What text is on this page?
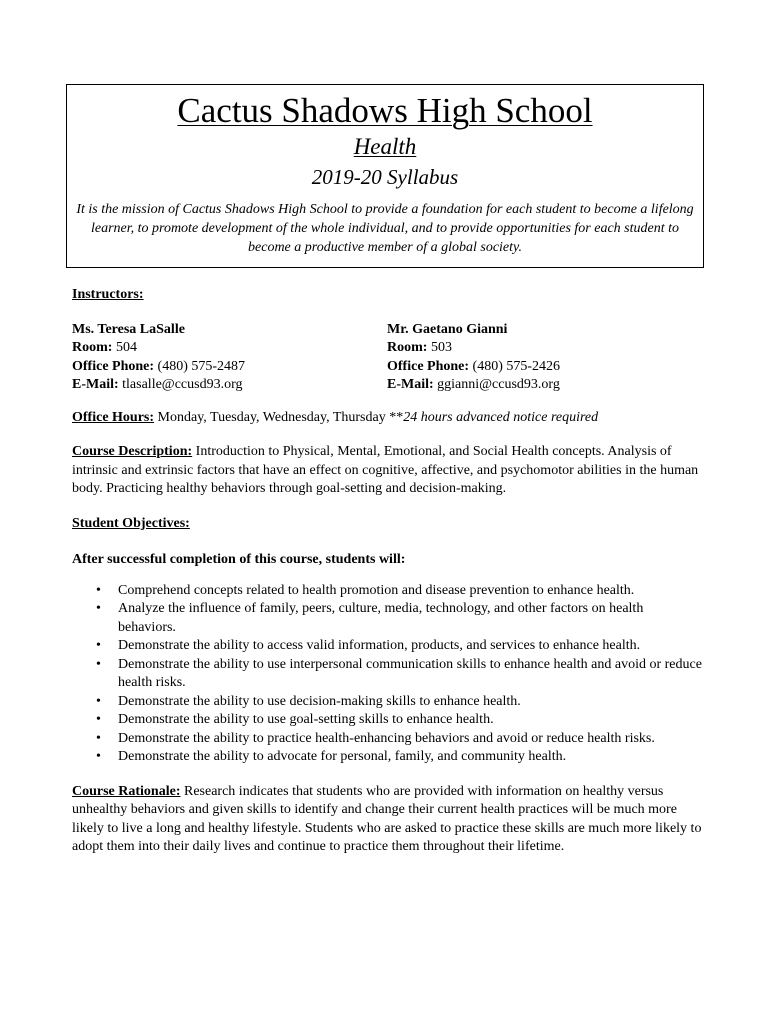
Cactus Shadows High School

Health

2019-20 Syllabus

It is the mission of Cactus Shadows High School to provide a foundation for each student to become a lifelong learner, to promote development of the whole individual, and to provide opportunities for each student to become a productive member of a global society.

Instructors:

Ms. Teresa LaSalle

Room: 504

Office Phone: (480) 575-2487

E-Mail: tlasalle@ccusd93.org

Mr. Gaetano Gianni

Room: 503

Office Phone: (480) 575-2426

E-Mail: ggianni@ccusd93.org

Office Hours: Monday, Tuesday, Wednesday, Thursday **24 hours advanced notice required

Course Description: Introduction to Physical, Mental, Emotional, and Social Health concepts. Analysis of intrinsic and extrinsic factors that have an effect on cognitive, affective, and psychomotor abilities in the human body. Practicing healthy behaviors through goal-setting and decision-making.

Student Objectives:

After successful completion of this course, students will:

• Comprehend concepts related to health promotion and disease prevention to enhance health.
• Analyze the influence of family, peers, culture, media, technology, and other factors on health behaviors.
• Demonstrate the ability to access valid information, products, and services to enhance health.
• Demonstrate the ability to use interpersonal communication skills to enhance health and avoid or reduce health risks.
• Demonstrate the ability to use decision-making skills to enhance health.
• Demonstrate the ability to use goal-setting skills to enhance health.
• Demonstrate the ability to practice health-enhancing behaviors and avoid or reduce health risks.
• Demonstrate the ability to advocate for personal, family, and community health.

Course Rationale: Research indicates that students who are provided with information on healthy versus unhealthy behaviors and given skills to identify and change their current health practices will be much more likely to live a long and healthy lifestyle. Students who are asked to practice these skills are much more likely to adopt them into their daily lives and continue to practice them throughout their lifetime.
